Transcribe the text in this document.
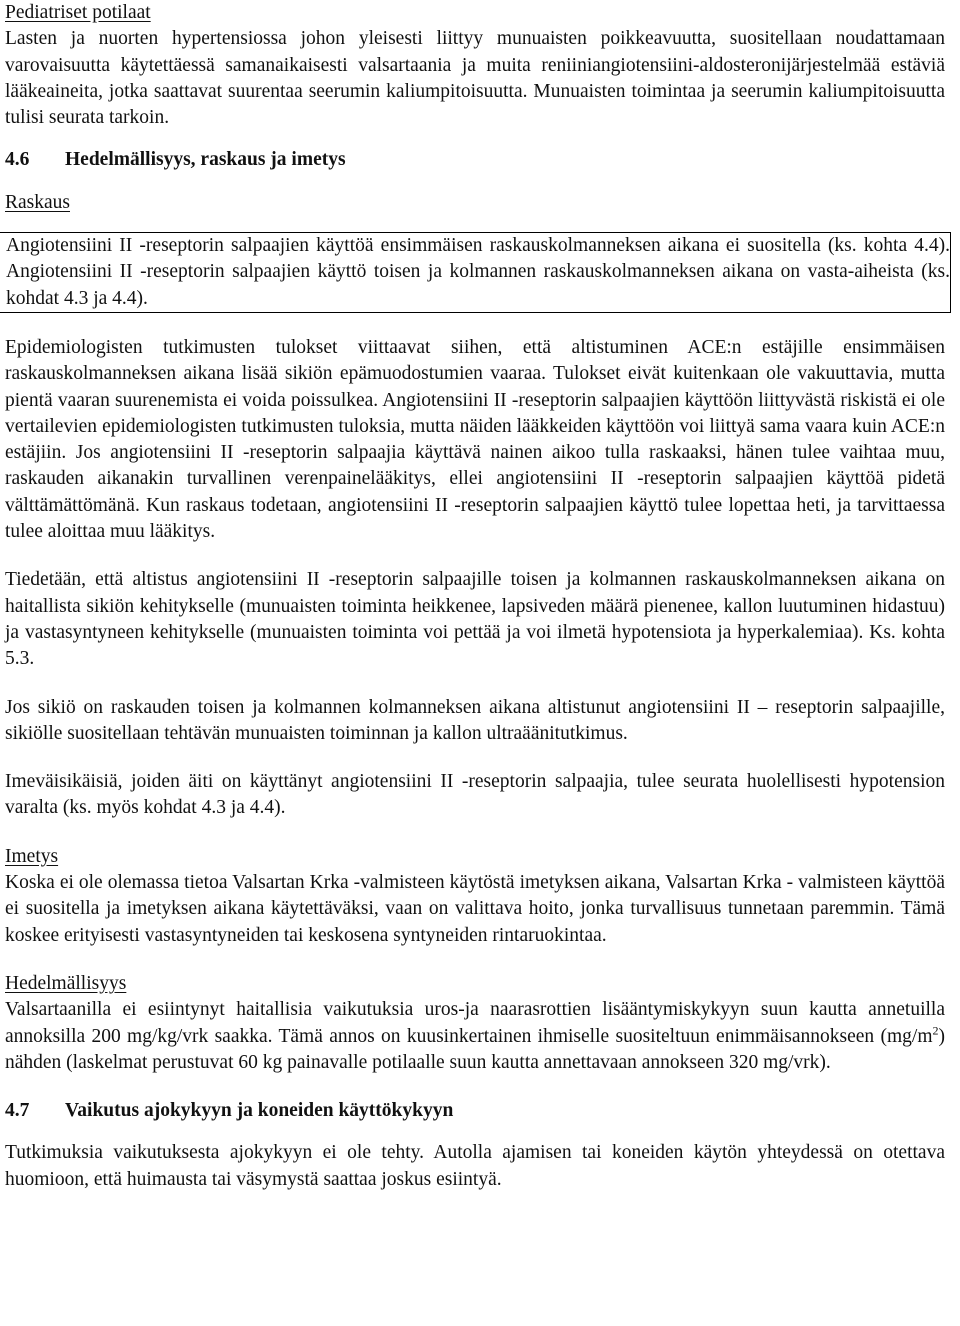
Pediatriset potilaat

Lasten ja nuorten hypertensiossa johon yleisesti liittyy munuaisten poikkeavuutta, suositellaan noudattamaan varovaisuutta käytettäessä samanaikaisesti valsartaania ja muita reniiniangiotensiini-aldosteronijärjestelmää estäviä lääkeaineita, jotka saattavat suurentaa seerumin kaliumpitoisuutta. Munuaisten toimintaa ja seerumin kaliumpitoisuutta tulisi seurata tarkoin.

4.6	Hedelmällisyys, raskaus ja imetys

Raskaus

Angiotensiini II -reseptorin salpaajien käyttöä ensimmäisen raskauskolmanneksen aikana ei suositella (ks. kohta 4.4). Angiotensiini II -reseptorin salpaajien käyttö toisen ja kolmannen raskauskolmanneksen aikana on vasta-aiheista (ks. kohdat 4.3 ja 4.4).

Epidemiologisten tutkimusten tulokset viittaavat siihen, että altistuminen ACE:n estäjille ensimmäisen raskauskolmanneksen aikana lisää sikiön epämuodostumien vaaraa. Tulokset eivät kuitenkaan ole vakuuttavia, mutta pientä vaaran suurenemista ei voida poissulkea. Angiotensiini II -reseptorin salpaajien käyttöön liittyvästä riskistä ei ole vertailevien epidemiologisten tutkimusten tuloksia, mutta näiden lääkkeiden käyttöön voi liittyä sama vaara kuin ACE:n estäjiin. Jos angiotensiini II -reseptorin salpaajia käyttävä nainen aikoo tulla raskaaksi, hänen tulee vaihtaa muu, raskauden aikanakin turvallinen verenpainelääkitys, ellei angiotensiini II -reseptorin salpaajien käyttöä pidetä välttämättömänä. Kun raskaus todetaan, angiotensiini II -reseptorin salpaajien käyttö tulee lopettaa heti, ja tarvittaessa tulee aloittaa muu lääkitys.

Tiedetään, että altistus angiotensiini II -reseptorin salpaajille toisen ja kolmannen raskauskolmanneksen aikana on haitallista sikiön kehitykselle (munuaisten toiminta heikkenee, lapsiveden määrä pienenee, kallon luutuminen hidastuu) ja vastasyntyneen kehitykselle (munuaisten toiminta voi pettää ja voi ilmetä hypotensiota ja hyperkalemiaa). Ks. kohta 5.3.

Jos sikiö on raskauden toisen ja kolmannen kolmanneksen aikana altistunut angiotensiini II – reseptorin salpaajille, sikiölle suositellaan tehtävän munuaisten toiminnan ja kallon ultraäänitutkimus.

Imeväisikäisiä, joiden äiti on käyttänyt angiotensiini II -reseptorin salpaajia, tulee seurata huolellisesti hypotension varalta (ks. myös kohdat 4.3 ja 4.4).

Imetys

Koska ei ole olemassa tietoa Valsartan Krka -valmisteen käytöstä imetyksen aikana, Valsartan Krka - valmisteen käyttöä ei suositella ja imetyksen aikana käytettäväksi, vaan on valittava hoito, jonka turvallisuus tunnetaan paremmin. Tämä koskee erityisesti vastasyntyneiden tai keskosena syntyneiden rintaruokintaa.

Hedelmällisyys

Valsartaanilla ei esiintynyt haitallisia vaikutuksia uros-ja naarasrottien lisääntymiskykyyn suun kautta annetuilla annoksilla 200 mg/kg/vrk saakka. Tämä annos on kuusinkertainen ihmiselle suositeltuun enimmäisannokseen $(mg/m^2)$ nähden (laskelmat perustuvat 60 kg painavalle potilaalle suun kautta annettavaan annokseen 320 mg/vrk).

4.7	Vaikutus ajokykyyn ja koneiden käyttökykyyn

Tutkimuksia vaikutuksesta ajokykyyn ei ole tehty. Autolla ajamisen tai koneiden käytön yhteydessä on otettava huomioon, että huimausta tai väsymystä saattaa joskus esiintyä.
